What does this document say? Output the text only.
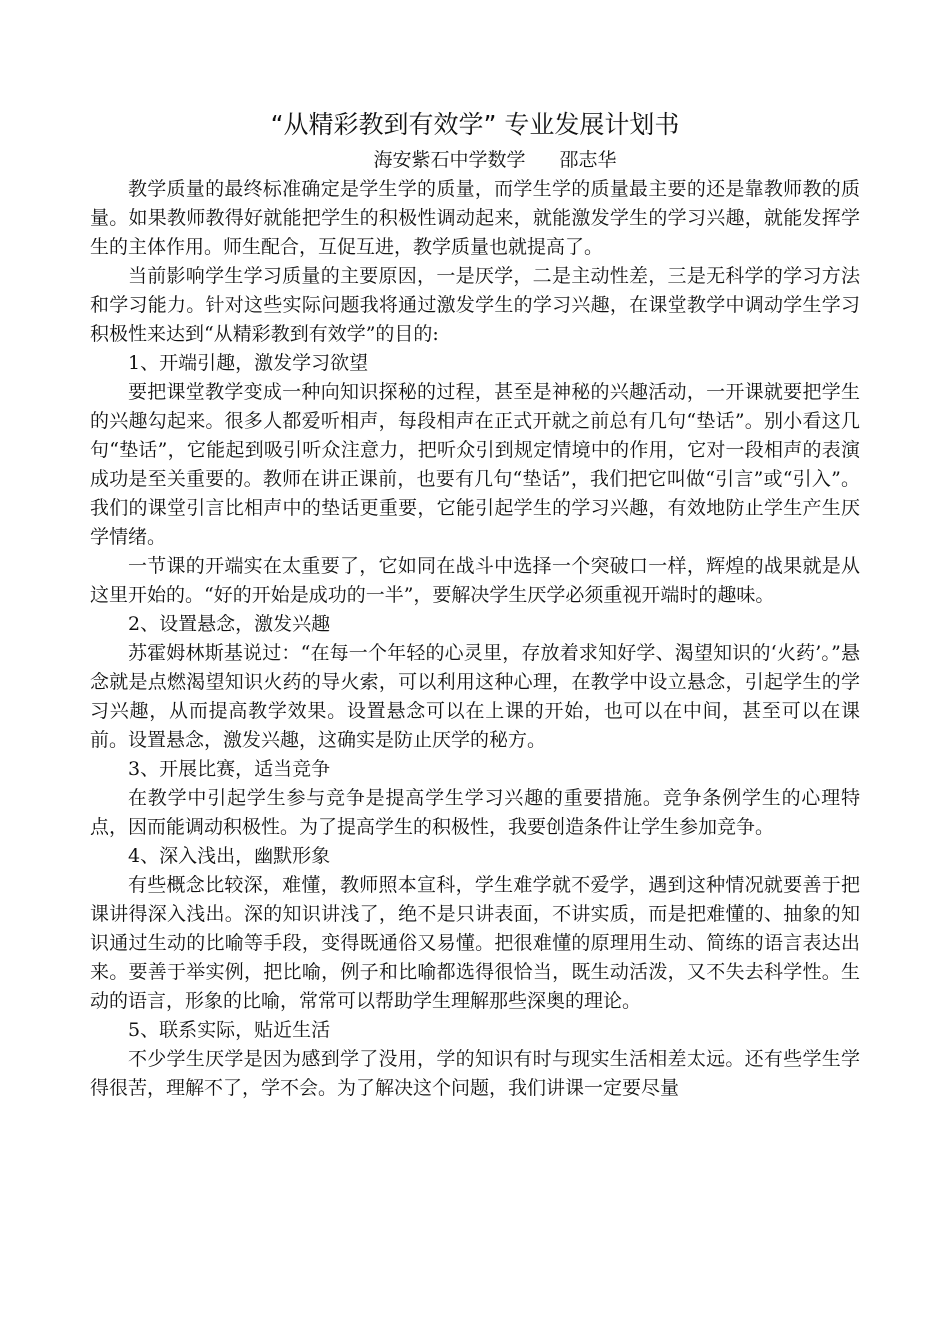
“从精彩教到有效学” 专业发展计划书
海安紫石中学数学 邵志华

教学质量的最终标准确定是学生学的质量，而学生学的质量最主要的还是靠教师教的质量。如果教师教得好就能把学生的积极性调动起来，就能激发学生的学习兴趣，就能发挥学生的主体作用。师生配合，互促互进，教学质量也就提高了。

当前影响学生学习质量的主要原因，一是厌学，二是主动性差，三是无科学的学习方法和学习能力。针对这些实际问题我将通过激发学生的学习兴趣，在课堂教学中调动学生学习积极性来达到“从精彩教到有效学”的目的:

1、开端引趣，激发学习欲望

要把课堂教学变成一种向知识探秘的过程，甚至是神秘的兴趣活动，一开课就要把学生的兴趣勾起来。很多人都爱听相声，每段相声在正式开就之前总有几句“垫话”。别小看这几句“垫话”，它能起到吸引听众注意力，把听众引到规定情境中的作用，它对一段相声的表演成功是至关重要的。教师在讲正课前，也要有几句“垫话”，我们把它叫做“引言”或“引入”。我们的课堂引言比相声中的垫话更重要，它能引起学生的学习兴趣，有效地防止学生产生厌学情绪。

一节课的开端实在太重要了，它如同在战斗中选择一个突破口一样，辉煌的战果就是从这里开始的。“好的开始是成功的一半”，要解决学生厌学必须重视开端时的趣味。

2、设置悬念，激发兴趣

苏霍姆林斯基说过：“在每一个年轻的心灵里，存放着求知好学、渴望知识的‘火药’。”悬念就是点燃渴望知识火药的导火索，可以利用这种心理，在教学中设立悬念，引起学生的学习兴趣，从而提高教学效果。设置悬念可以在上课的开始，也可以在中间，甚至可以在课前。设置悬念，激发兴趣，这确实是防止厌学的秘方。

3、开展比赛，适当竞争

在教学中引起学生参与竞争是提高学生学习兴趣的重要措施。竞争条例学生的心理特点，因而能调动积极性。为了提高学生的积极性，我要创造条件让学生参加竞争。

4、深入浅出，幽默形象

有些概念比较深，难懂，教师照本宣科，学生难学就不爱学，遇到这种情况就要善于把课讲得深入浅出。深的知识讲浅了，绝不是只讲表面，不讲实质，而是把难懂的、抽象的知识通过生动的比喻等手段，变得既通俗又易懂。把很难懂的原理用生动、简练的语言表达出来。要善于举实例，把比喻，例子和比喻都选得很恰当，既生动活泼，又不失去科学性。生动的语言，形象的比喻，常常可以帮助学生理解那些深奥的理论。

5、联系实际，贴近生活

不少学生厌学是因为感到学了没用，学的知识有时与现实生活相差太远。还有些学生学得很苦，理解不了，学不会。为了解决这个问题，我们讲课一定要尽量
